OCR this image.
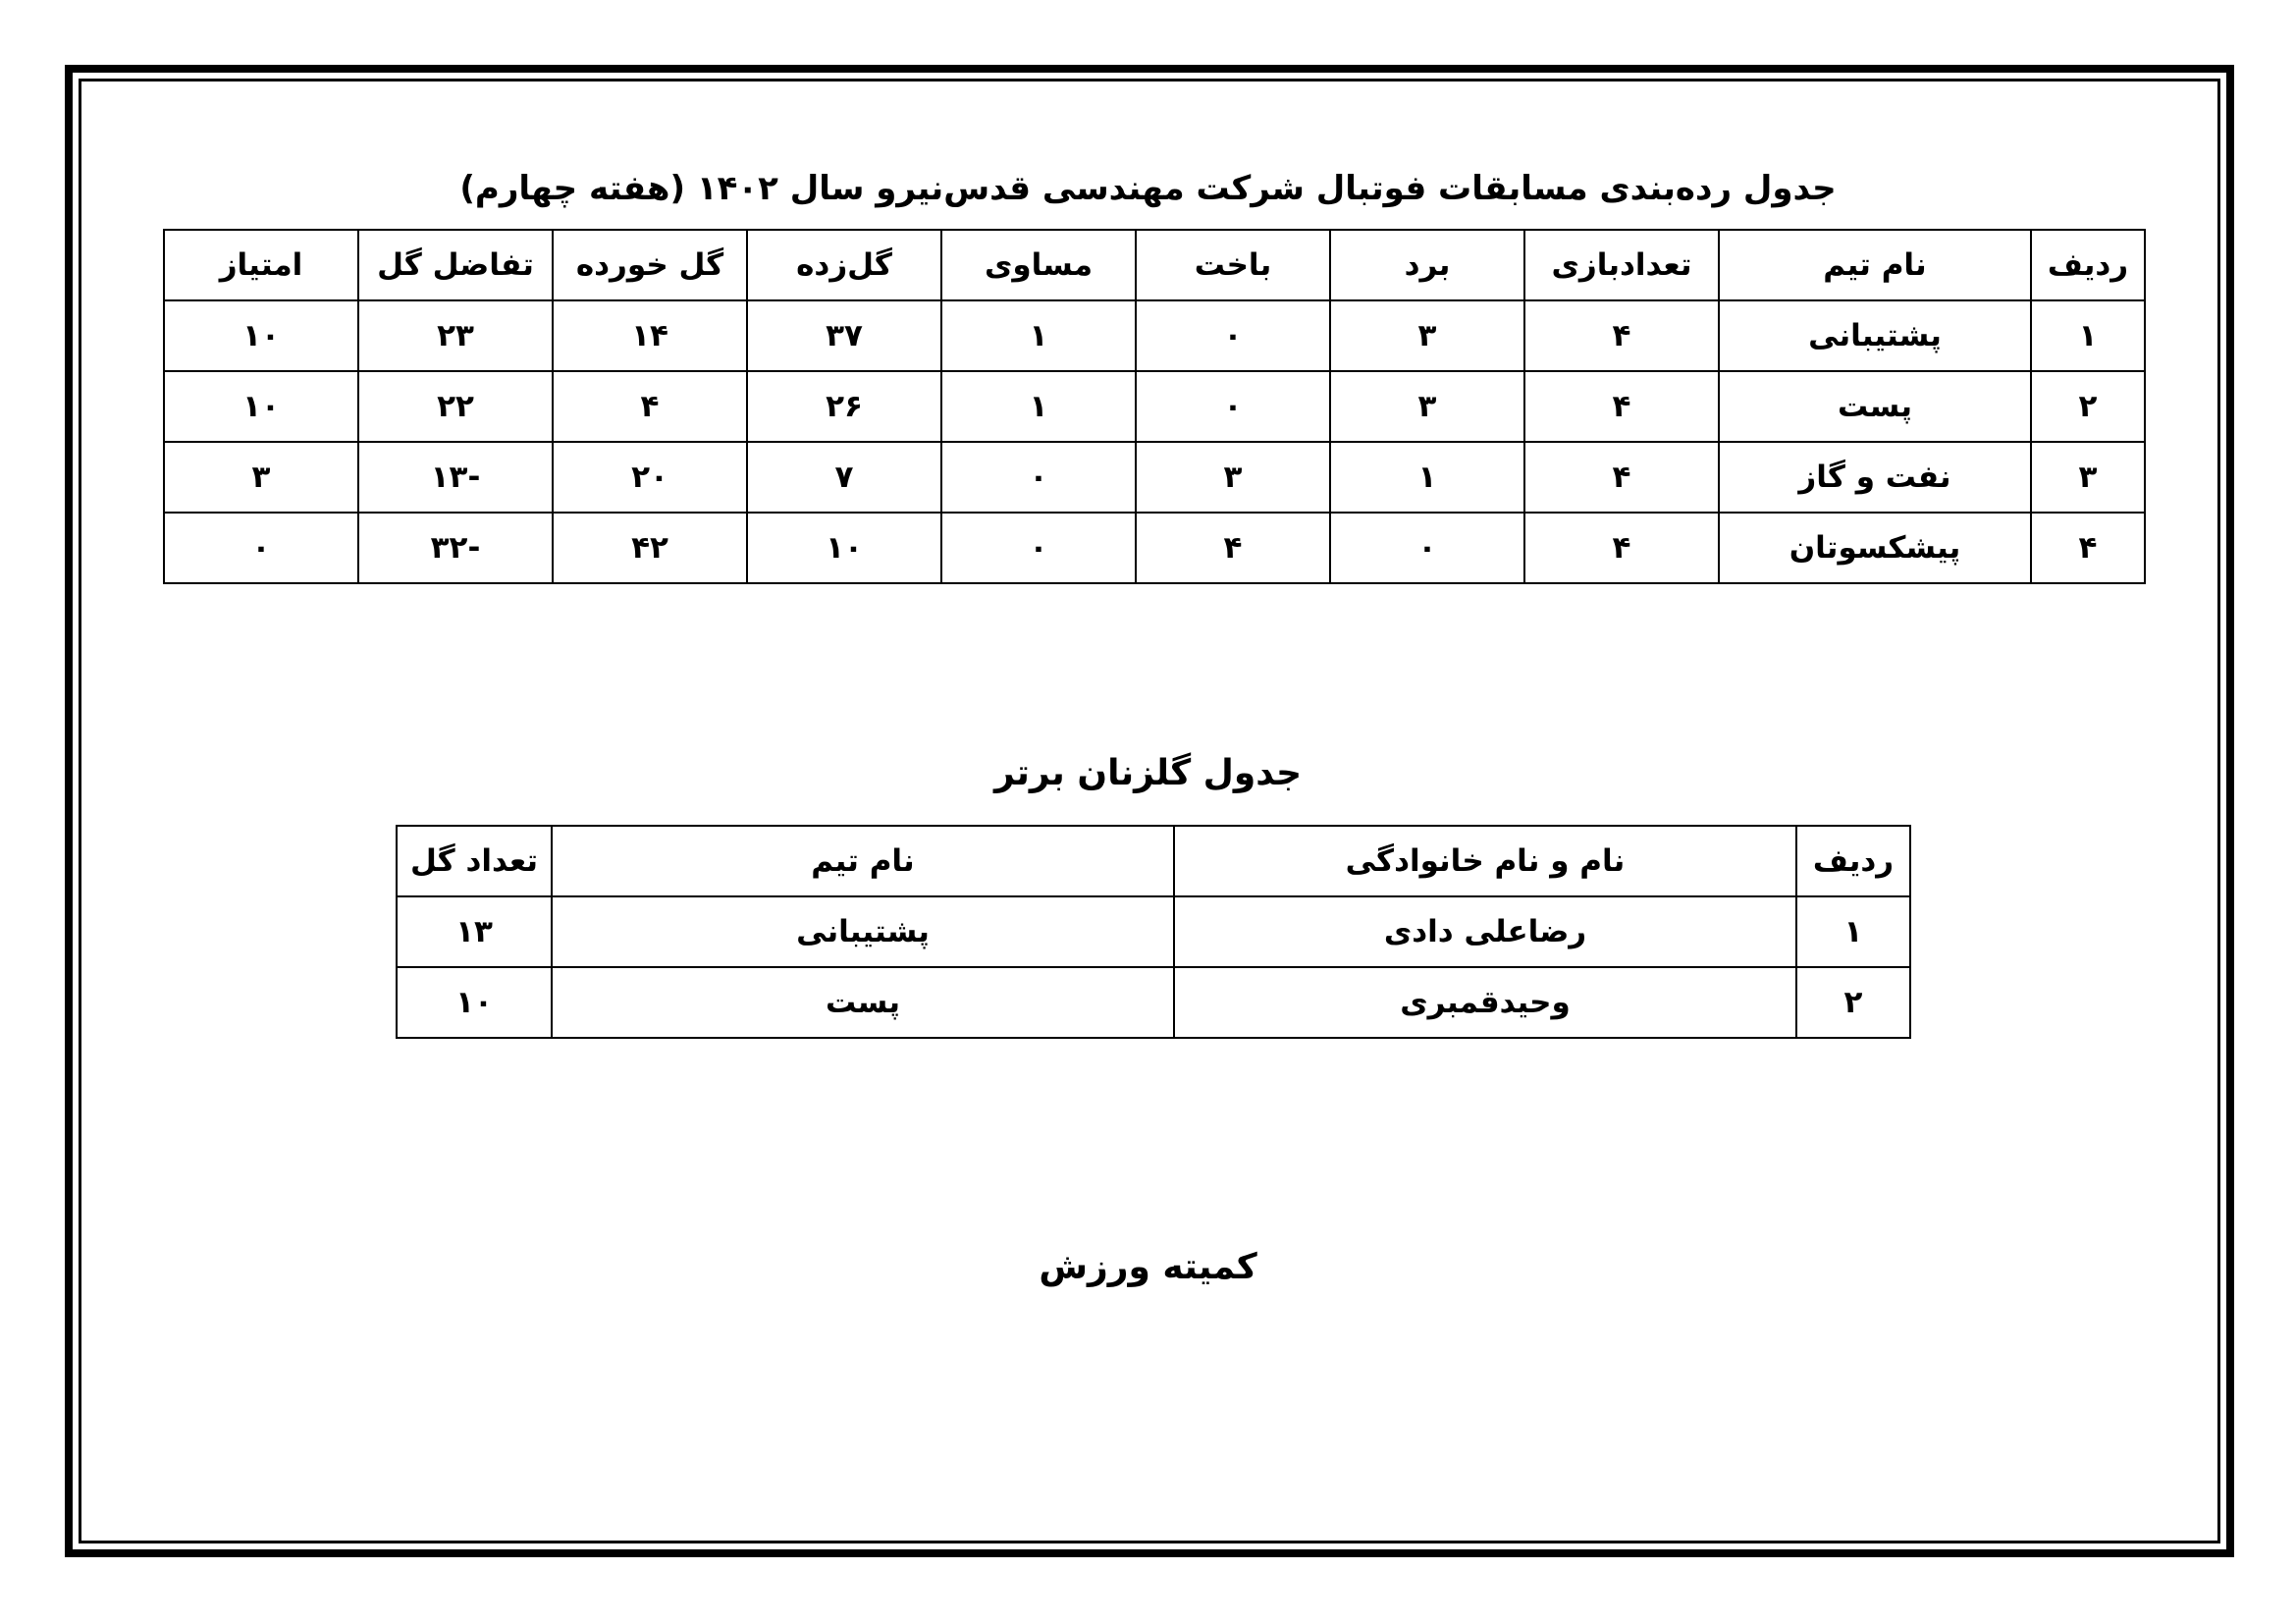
جدول رده‌بندی مسابقات فوتبال شرکت مهندسی قدس‌نیرو سال ۱۴۰۲ (هفته چهارم)
ردیف	نام تیم	تعدادبازی	برد	باخت	مساوی	گل‌زده	گل خورده	تفاضل گل	امتیاز
۱	پشتیبانی	۴	۳	۰	۱	۳۷	۱۴	۲۳	۱۰
۲	پست	۴	۳	۰	۱	۲۶	۴	۲۲	۱۰
۳	نفت و گاز	۴	۱	۳	۰	۷	۲۰	-۱۳	۳
۴	پیشکسوتان	۴	۰	۴	۰	۱۰	۴۲	-۳۲	۰
جدول گلزنان برتر
ردیف	نام و نام خانوادگی	نام تیم	تعداد گل
۱	رضاعلی دادی	پشتیبانی	۱۳
۲	وحیدقمبری	پست	۱۰
کمیته ورزش
